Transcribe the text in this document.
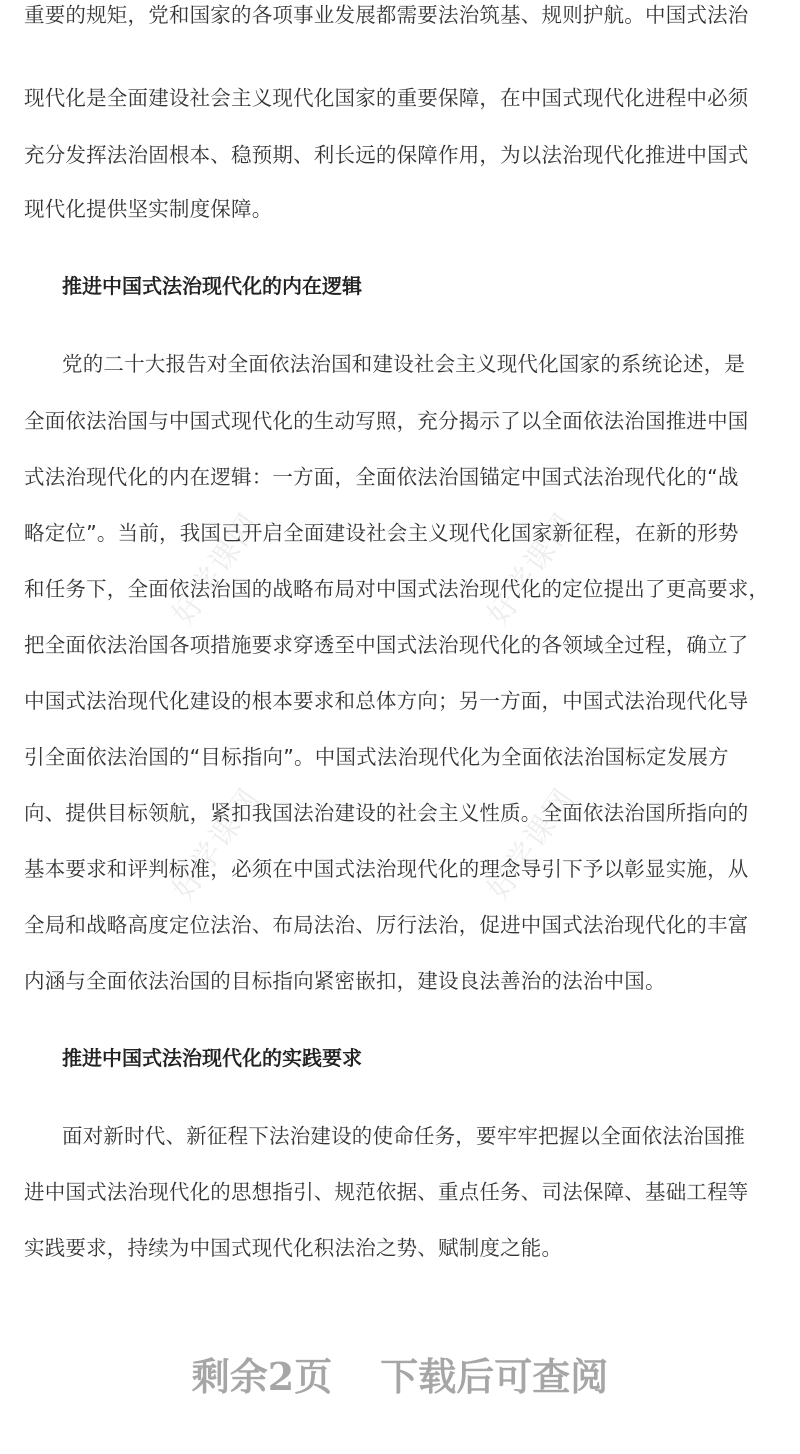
好学课网	好学课网
好学课网	好学课网
重要的规矩，党和国家的各项事业发展都需要法治筑基、规则护航。中国式法治
现代化是全面建设社会主义现代化国家的重要保障，在中国式现代化进程中必须
充分发挥法治固根本、稳预期、利长远的保障作用，为以法治现代化推进中国式
现代化提供坚实制度保障。
推进中国式法治现代化的内在逻辑
党的二十大报告对全面依法治国和建设社会主义现代化国家的系统论述，是
全面依法治国与中国式现代化的生动写照，充分揭示了以全面依法治国推进中国
式法治现代化的内在逻辑：一方面，全面依法治国锚定中国式法治现代化的“战
略定位”。当前，我国已开启全面建设社会主义现代化国家新征程，在新的形势
和任务下，全面依法治国的战略布局对中国式法治现代化的定位提出了更高要求，
把全面依法治国各项措施要求穿透至中国式法治现代化的各领域全过程，确立了
中国式法治现代化建设的根本要求和总体方向；另一方面，中国式法治现代化导
引全面依法治国的“目标指向”。中国式法治现代化为全面依法治国标定发展方
向、提供目标领航，紧扣我国法治建设的社会主义性质。全面依法治国所指向的
基本要求和评判标准，必须在中国式法治现代化的理念导引下予以彰显实施，从
全局和战略高度定位法治、布局法治、厉行法治，促进中国式法治现代化的丰富
内涵与全面依法治国的目标指向紧密嵌扣，建设良法善治的法治中国。
推进中国式法治现代化的实践要求
面对新时代、新征程下法治建设的使命任务，要牢牢把握以全面依法治国推
进中国式法治现代化的思想指引、规范依据、重点任务、司法保障、基础工程等
实践要求，持续为中国式现代化积法治之势、赋制度之能。
剩余2页 下载后可查阅
